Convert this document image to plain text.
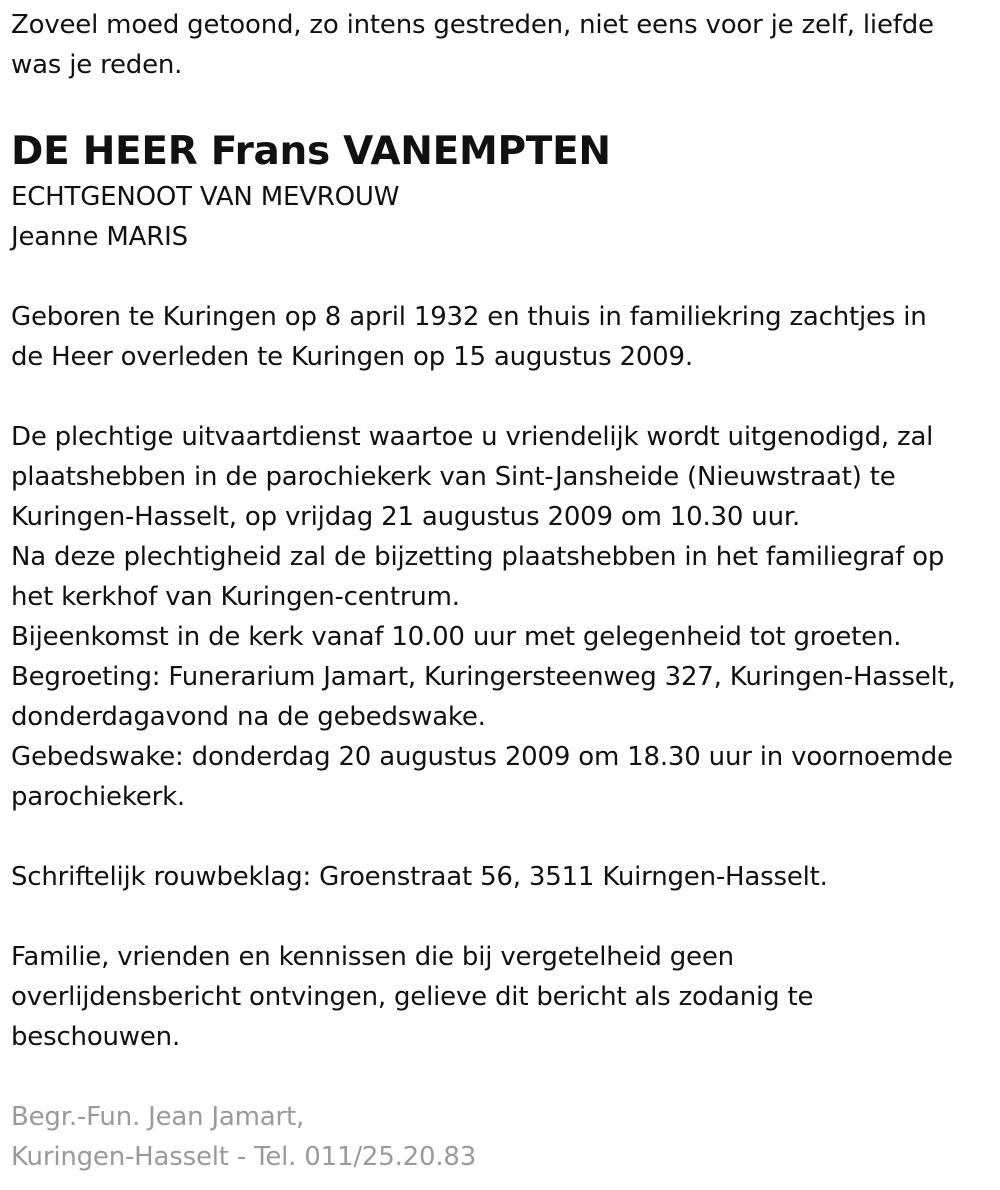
Zoveel moed getoond, zo intens gestreden, niet eens voor je zelf, liefde
was je reden.
DE HEER Frans VANEMPTEN
ECHTGENOOT VAN MEVROUW
Jeanne MARIS
Geboren te Kuringen op 8 april 1932 en thuis in familiekring zachtjes in
de Heer overleden te Kuringen op 15 augustus 2009.
De plechtige uitvaartdienst waartoe u vriendelijk wordt uitgenodigd, zal
plaatshebben in de parochiekerk van Sint-Jansheide (Nieuwstraat) te
Kuringen-Hasselt, op vrijdag 21 augustus 2009 om 10.30 uur.
Na deze plechtigheid zal de bijzetting plaatshebben in het familiegraf op
het kerkhof van Kuringen-centrum.
Bijeenkomst in de kerk vanaf 10.00 uur met gelegenheid tot groeten.
Begroeting: Funerarium Jamart, Kuringersteenweg 327, Kuringen-Hasselt,
donderdagavond na de gebedswake.
Gebedswake: donderdag 20 augustus 2009 om 18.30 uur in voornoemde
parochiekerk.
Schriftelijk rouwbeklag: Groenstraat 56, 3511 Kuirngen-Hasselt.
Familie, vrienden en kennissen die bij vergetelheid geen
overlijdensbericht ontvingen, gelieve dit bericht als zodanig te
beschouwen.
Begr.-Fun. Jean Jamart,
Kuringen-Hasselt - Tel. 011/25.20.83
